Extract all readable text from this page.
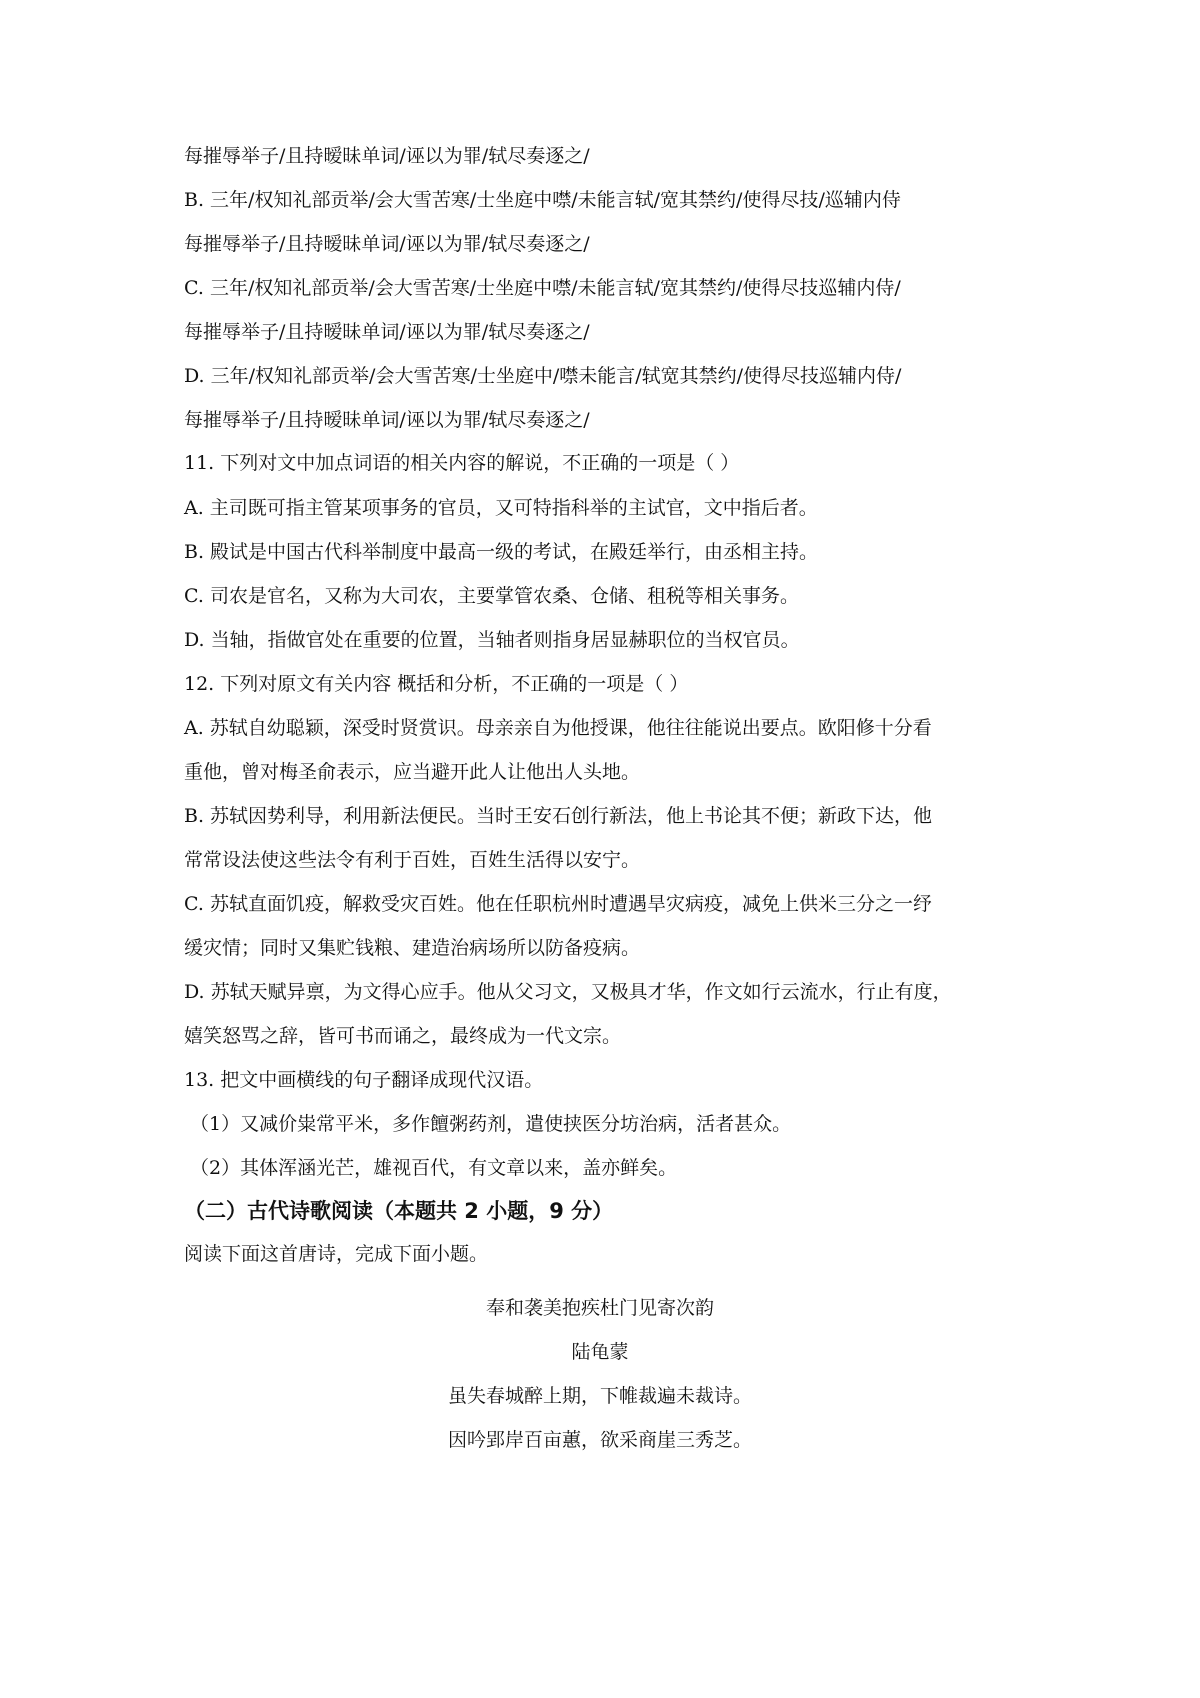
每摧辱举子/且持暧昧单词/诬以为罪/轼尽奏逐之/
B. 三年/权知礼部贡举/会大雪苦寒/士坐庭中噤/未能言轼/宽其禁约/使得尽技/巡辅内侍
每摧辱举子/且持暧昧单词/诬以为罪/轼尽奏逐之/
C. 三年/权知礼部贡举/会大雪苦寒/士坐庭中噤/未能言轼/宽其禁约/使得尽技巡辅内侍/
每摧辱举子/且持暧昧单词/诬以为罪/轼尽奏逐之/
D. 三年/权知礼部贡举/会大雪苦寒/士坐庭中/噤未能言/轼宽其禁约/使得尽技巡辅内侍/
每摧辱举子/且持暧昧单词/诬以为罪/轼尽奏逐之/
11. 下列对文中加点词语的相关内容的解说，不正确的一项是（ ）
A. 主司既可指主管某项事务的官员，又可特指科举的主试官，文中指后者。
B. 殿试是中国古代科举制度中最高一级的考试，在殿廷举行，由丞相主持。
C. 司农是官名，又称为大司农，主要掌管农桑、仓储、租税等相关事务。
D. 当轴，指做官处在重要的位置，当轴者则指身居显赫职位的当权官员。
12. 下列对原文有关内容 概括和分析，不正确的一项是（ ）
A. 苏轼自幼聪颖，深受时贤赏识。母亲亲自为他授课，他往往能说出要点。欧阳修十分看
重他，曾对梅圣俞表示，应当避开此人让他出人头地。
B. 苏轼因势利导，利用新法便民。当时王安石创行新法，他上书论其不便；新政下达，他
常常设法使这些法令有利于百姓，百姓生活得以安宁。
C. 苏轼直面饥疫，解救受灾百姓。他在任职杭州时遭遇旱灾病疫，减免上供米三分之一纾
缓灾情；同时又集贮钱粮、建造治病场所以防备疫病。
D. 苏轼天赋异禀，为文得心应手。他从父习文，又极具才华，作文如行云流水，行止有度，
嬉笑怒骂之辞，皆可书而诵之，最终成为一代文宗。
13. 把文中画横线的句子翻译成现代汉语。
（1）又减价粜常平米，多作饘粥药剂，遣使挟医分坊治病，活者甚众。
（2）其体浑涵光芒，雄视百代，有文章以来，盖亦鲜矣。
（二）古代诗歌阅读（本题共 2 小题，9 分）
阅读下面这首唐诗，完成下面小题。
奉和袭美抱疾杜门见寄次韵
陆龟蒙
虽失春城醉上期，下帷裁遍未裁诗。
因吟郢岸百亩蕙，欲采商崖三秀芝。
